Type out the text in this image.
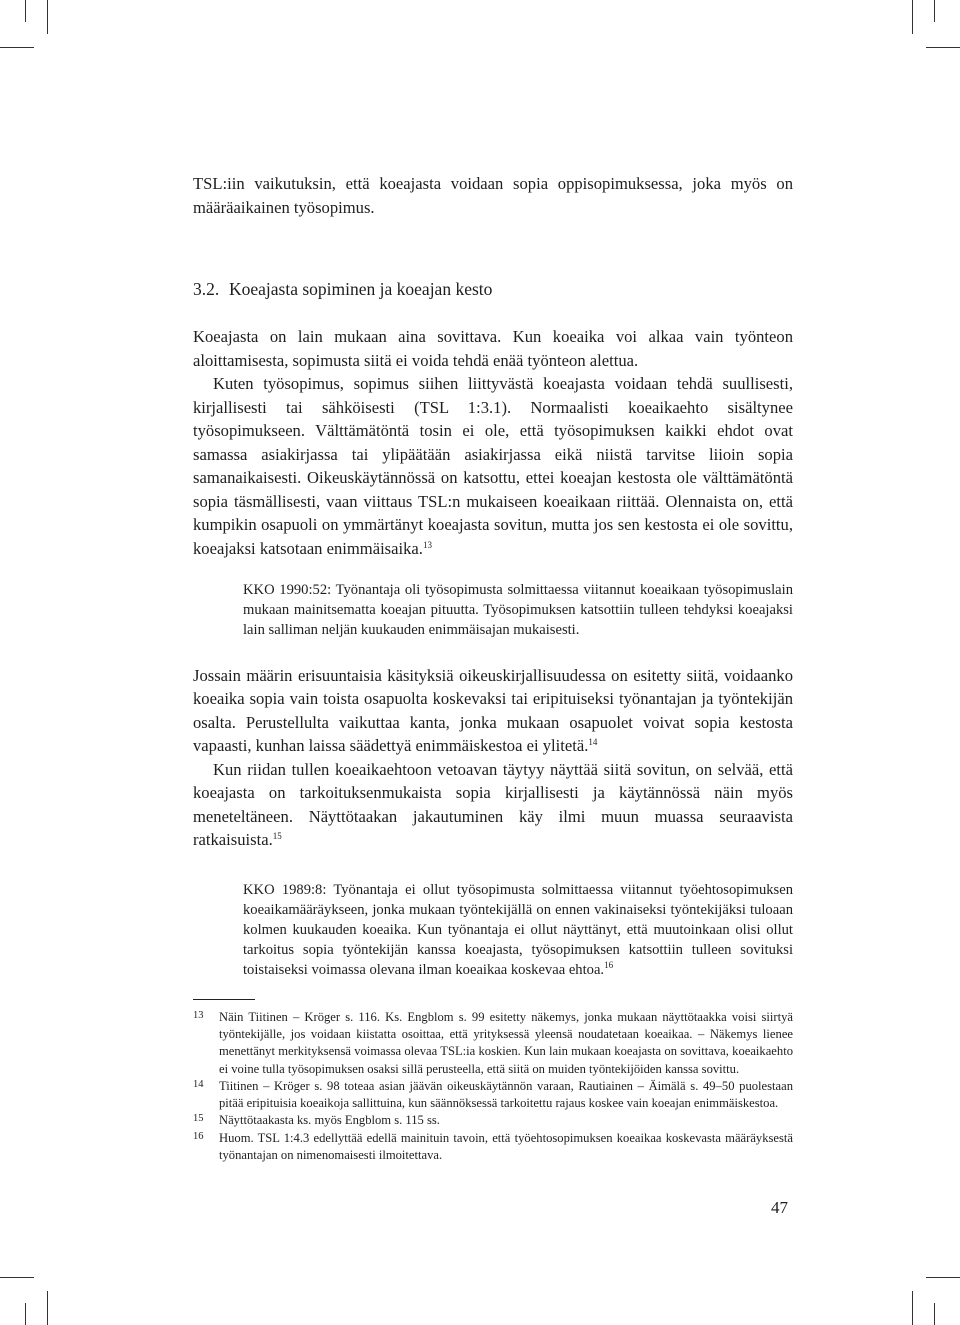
TSL:iin vaikutuksin, että koeajasta voidaan sopia oppisopimuksessa, joka myös on määräaikainen työsopimus.

3.2. Koeajasta sopiminen ja koeajan kesto

Koeajasta on lain mukaan aina sovittava. Kun koeaika voi alkaa vain työnteon aloittamisesta, sopimusta siitä ei voida tehdä enää työnteon alettua.

Kuten työsopimus, sopimus siihen liittyvästä koeajasta voidaan tehdä suullisesti, kirjallisesti tai sähköisesti (TSL 1:3.1). Normaalisti koeaikaehto sisältynee työsopimukseen. Välttämätöntä tosin ei ole, että työsopimuksen kaikki ehdot ovat samassa asiakirjassa tai ylipäätään asiakirjassa eikä niistä tarvitse liioin sopia samanaikaisesti. Oikeuskäytännössä on katsottu, ettei koeajan kestosta ole välttämätöntä sopia täsmällisesti, vaan viittaus TSL:n mukaiseen koeaikaan riittää. Olennaista on, että kumpikin osapuoli on ymmärtänyt koeajasta sovitun, mutta jos sen kestosta ei ole sovittu, koeajaksi katsotaan enimmäisaika.$^{13}$

KKO 1990:52: Työnantaja oli työsopimusta solmittaessa viitannut koeaikaan työsopimuslain mukaan mainitsematta koeajan pituutta. Työsopimuksen katsottiin tulleen tehdyksi koeajaksi lain salliman neljän kuukauden enimmäisajan mukaisesti.

Jossain määrin erisuuntaisia käsityksiä oikeuskirjallisuudessa on esitetty siitä, voidaanko koeaika sopia vain toista osapuolta koskevaksi tai eripituiseksi työnantajan ja työntekijän osalta. Perustellulta vaikuttaa kanta, jonka mukaan osapuolet voivat sopia kestosta vapaasti, kunhan laissa säädettyä enimmäiskestoa ei ylitetä.$^{14}$

Kun riidan tullen koeaikaehtoon vetoavan täytyy näyttää siitä sovitun, on selvää, että koeajasta on tarkoituksenmukaista sopia kirjallisesti ja käytännössä näin myös meneteltäneen. Näyttötaakan jakautuminen käy ilmi muun muassa seuraavista ratkaisuista.$^{15}$

KKO 1989:8: Työnantaja ei ollut työsopimusta solmittaessa viitannut työehtosopimuksen koeaikamääräykseen, jonka mukaan työntekijällä on ennen vakinaiseksi työntekijäksi tuloaan kolmen kuukauden koeaika. Kun työnantaja ei ollut näyttänyt, että muutoinkaan olisi ollut tarkoitus sopia työntekijän kanssa koeajasta, työsopimuksen katsottiin tulleen sovituksi toistaiseksi voimassa olevana ilman koeaikaa koskevaa ehtoa.$^{16}$

13 Näin Tiitinen – Kröger s. 116. Ks. Engblom s. 99 esitetty näkemys, jonka mukaan näyttötaakka voisi siirtyä työntekijälle, jos voidaan kiistatta osoittaa, että yrityksessä yleensä noudatetaan koeaikaa. – Näkemys lienee menettänyt merkityksensä voimassa olevaa TSL:ia koskien. Kun lain mukaan koeajasta on sovittava, koeaikaehto ei voine tulla työsopimuksen osaksi sillä perusteella, että siitä on muiden työntekijöiden kanssa sovittu.
14 Tiitinen – Kröger s. 98 toteaa asian jäävän oikeuskäytännön varaan, Rautiainen – Äimälä s. 49–50 puolestaan pitää eripituisia koeaikoja sallittuina, kun säännöksessä tarkoitettu rajaus koskee vain koeajan enimmäiskestoa.
15 Näyttötaakasta ks. myös Engblom s. 115 ss.
16 Huom. TSL 1:4.3 edellyttää edellä mainituin tavoin, että työehtosopimuksen koeaikaa koskevasta määräyksestä työnantajan on nimenomaisesti ilmoitettava.
47
